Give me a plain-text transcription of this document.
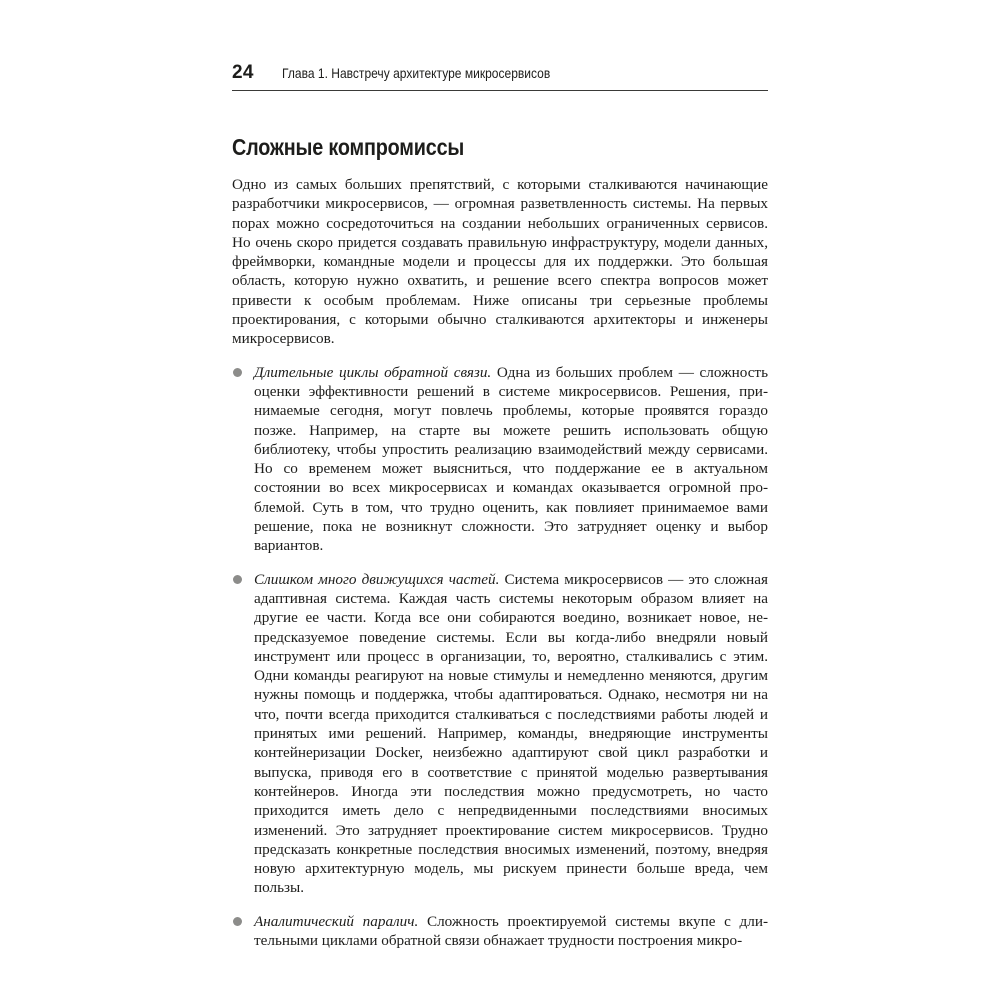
24	Глава 1. Навстречу архитектуре микросервисов
Сложные компромиссы

Одно из самых больших препятствий, с которыми сталкиваются начинающие разработчики микросервисов, — огромная разветвленность системы. На первых порах можно сосредоточиться на создании небольших ограниченных сервисов. Но очень скоро придется создавать правильную инфраструктуру, модели данных, фреймворки, командные модели и процессы для их поддержки. Это большая область, которую нужно охватить, и решение всего спектра вопросов может привести к особым проблемам. Ниже описаны три серьезные проблемы проектирования, с которыми обычно сталкиваются архитекторы и инженеры микросервисов.

Длительные циклы обратной связи. Одна из больших проблем — сложность оценки эффективности решений в системе микросервисов. Решения, принимаемые сегодня, могут повлечь проблемы, которые проявятся гораздо позже. Например, на старте вы можете решить использовать общую библиотеку, чтобы упростить реализацию взаимодействий между сервисами. Но со временем может выясниться, что поддержание ее в актуальном состоянии во всех микросервисах и командах оказывается огромной проблемой. Суть в том, что трудно оценить, как повлияет принимаемое вами решение, пока не возникнут сложности. Это затрудняет оценку и выбор вариантов.

Слишком много движущихся частей. Система микросервисов — это сложная адаптивная система. Каждая часть системы некоторым образом влияет на другие ее части. Когда все они собираются воедино, возникает новое, непредсказуемое поведение системы. Если вы когда-либо внедряли новый инструмент или процесс в организации, то, вероятно, сталкивались с этим. Одни команды реагируют на новые стимулы и немедленно меняются, другим нужны помощь и поддержка, чтобы адаптироваться. Однако, несмотря ни на что, почти всегда приходится сталкиваться с последствиями работы людей и принятых ими решений. Например, команды, внедряющие инструменты контейнеризации Docker, неизбежно адаптируют свой цикл разработки и выпуска, приводя его в соответствие с принятой моделью развертывания контейнеров. Иногда эти последствия можно предусмотреть, но часто приходится иметь дело с непредвиденными последствиями вносимых изменений. Это затрудняет проектирование систем микросервисов. Трудно предсказать конкретные последствия вносимых изменений, поэтому, внедряя новую архитектурную модель, мы рискуем принести больше вреда, чем пользы.

Аналитический паралич. Сложность проектируемой системы вкупе с длительными циклами обратной связи обнажает трудности построения микро-
